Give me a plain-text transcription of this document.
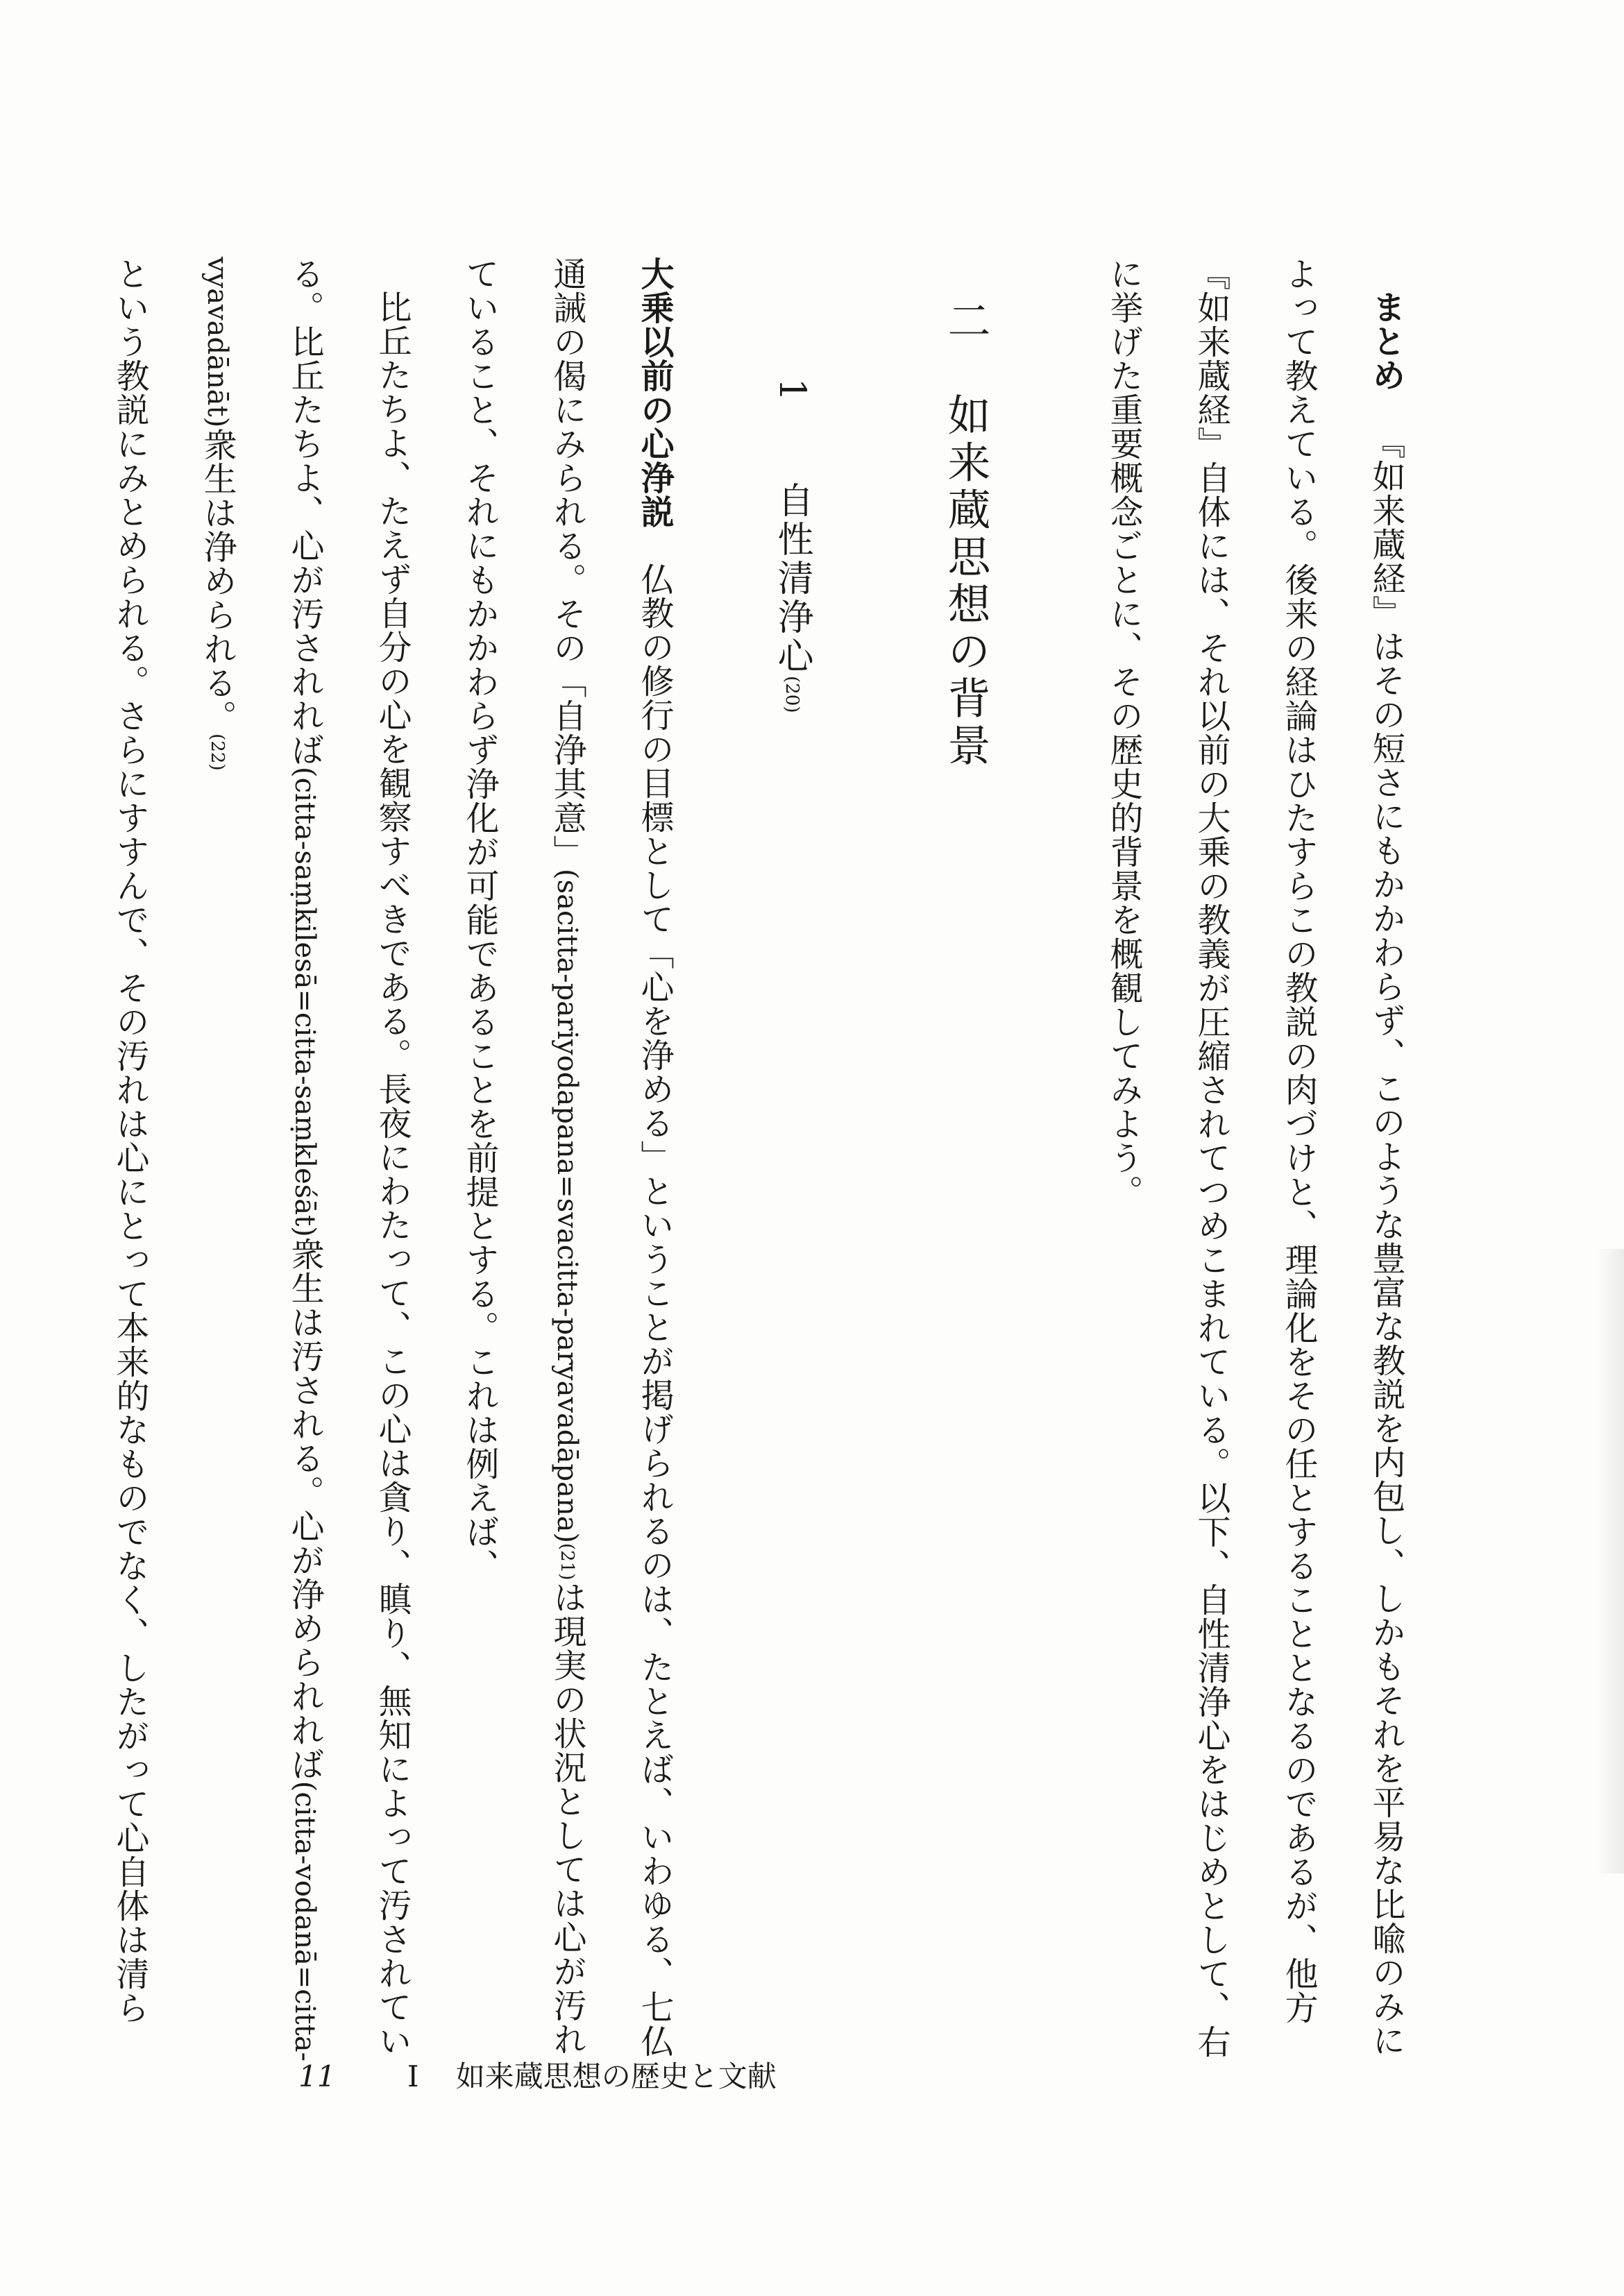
まとめ『如来蔵経』はその短さにもかかわらず、このような豊富な教説を内包し、しかもそれを平易な比喩のみによって教えている。後来の経論はひたすらこの教説の肉づけと、理論化をその任とすることとなるのであるが、他方『如来蔵経』自体には、それ以前の大乗の教義が圧縮されてつめこまれている。以下、自性清浄心をはじめとして、右に挙げた重要概念ごとに、その歴史的背景を概観してみよう。

二　如来蔵思想の背景

1　　自性清浄心(20)

大乗以前の心浄説仏教の修行の目標として「心を浄める」ということが掲げられるのは、たとえば、いわゆる、七仏通誡の偈にみられる。その「自浄其意」(sacitta-pariyodapana=svacitta-paryavadāpana)(21)は現実の状況としては心が汚れていること、それにもかかわらず浄化が可能であることを前提とする。これは例えば、

比丘たちよ、たえず自分の心を観察すべきである。長夜にわたって、この心は貪り、瞋り、無知によって汚されている。比丘たちよ、心が汚されれば(citta-saṃkilesā=citta-saṃkleśāt)衆生は汚される。心が浄められれば(citta-vodanā=citta-vyavadānāt)衆生は浄められる。(22)

という教説にみとめられる。さらにすすんで、その汚れは心にとって本来的なものでなく、したがって心自体は清ら

11 I 如来蔵思想の歴史と文献
